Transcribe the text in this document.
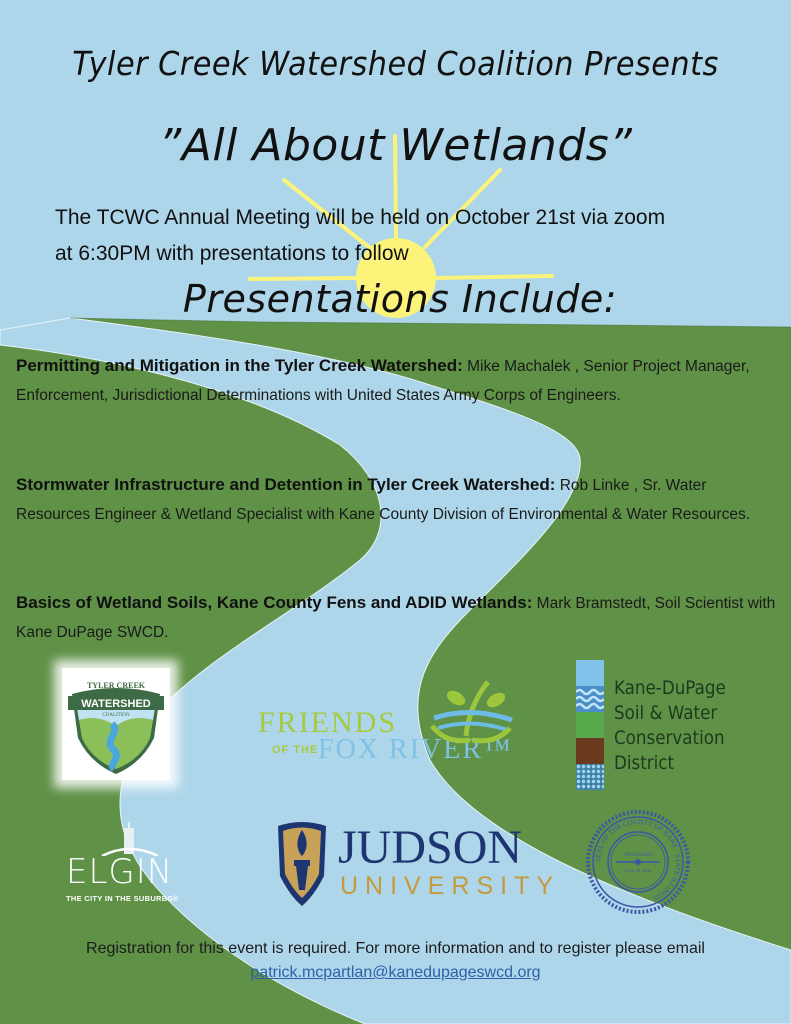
Tyler Creek Watershed Coalition Presents
”All About Wetlands”
The TCWC Annual Meeting will be held on October 21st via zoom
at 6:30PM with presentations to follow
Presentations Include:
Permitting and Mitigation in the Tyler Creek Watershed: Mike Machalek , Senior Project Manager, Enforcement, Jurisdictional Determinations with United States Army Corps of Engineers.
Stormwater Infrastructure and Detention in Tyler Creek Watershed: Rob Linke , Sr. Water Resources Engineer & Wetland Specialist with Kane County Division of Environmental & Water Resources.
Basics of Wetland Soils, Kane County Fens and ADID Wetlands: Mark Bramstedt, Soil Scientist with Kane DuPage SWCD.
WATERSHED
TYLER CREEK
COALITION	FRIENDS
OF THE FOX RIVER™
Kane-DuPage
Soil & Water
Conservation
District
ELGIN
THE CITY IN THE SUBURBS®
JUDSON
UNIVERSITY
ORGANIZED
JAN. 16, 1836
SEAL OF THE COUNTY OF KANE · STATE ILLINOIS
Registration for this event is required. For more information and to register please email
patrick.mcpartlan@kanedupageswcd.org
